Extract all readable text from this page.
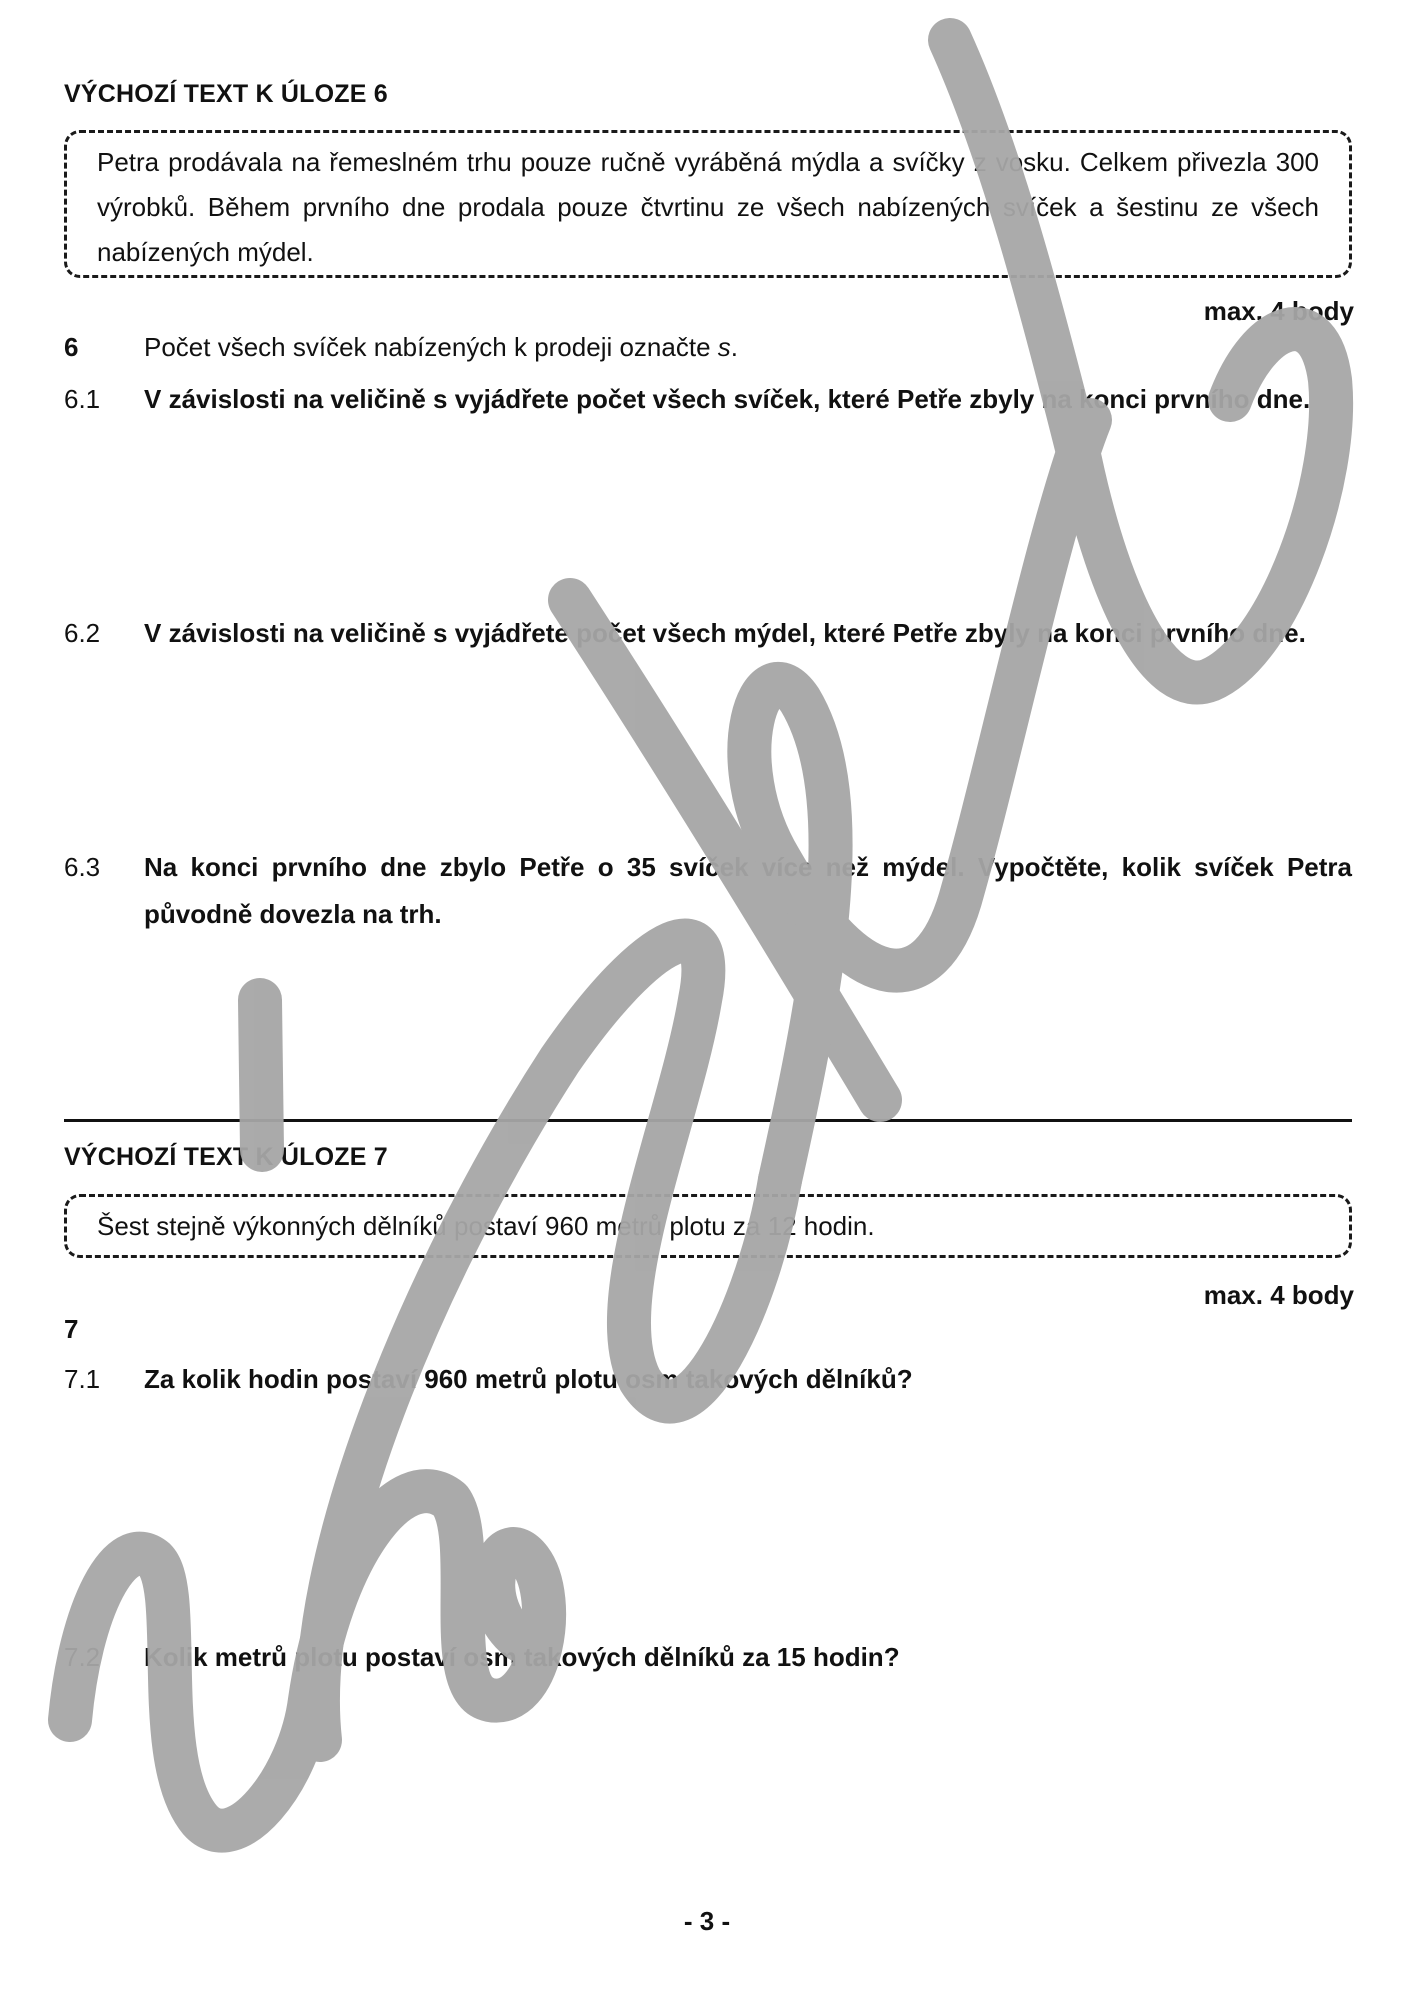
VÝCHOZÍ TEXT K ÚLOZE 6
Petra prodávala na řemeslném trhu pouze ručně vyráběná mýdla a svíčky z vosku. Celkem přivezla 300 výrobků. Během prvního dne prodala pouze čtvrtinu ze všech nabízených svíček a šestinu ze všech nabízených mýdel.
max. 4 body
6	Počet všech svíček nabízených k prodeji označte s.
6.1 V závislosti na veličině s vyjádřete počet všech svíček, které Petře zbyly na konci prvního dne.
6.2 V závislosti na veličině s vyjádřete počet všech mýdel, které Petře zbyly na konci prvního dne.
6.3 Na konci prvního dne zbylo Petře o 35 svíček více než mýdel. Vypočtěte, kolik svíček Petra původně dovezla na trh.
VÝCHOZÍ TEXT K ÚLOZE 7
Šest stejně výkonných dělníků postaví 960 metrů plotu za 12 hodin.
max. 4 body
7
7.1 Za kolik hodin postaví 960 metrů plotu osm takových dělníků?
7.2 Kolik metrů plotu postaví osm takových dělníků za 15 hodin?
- 3 -
